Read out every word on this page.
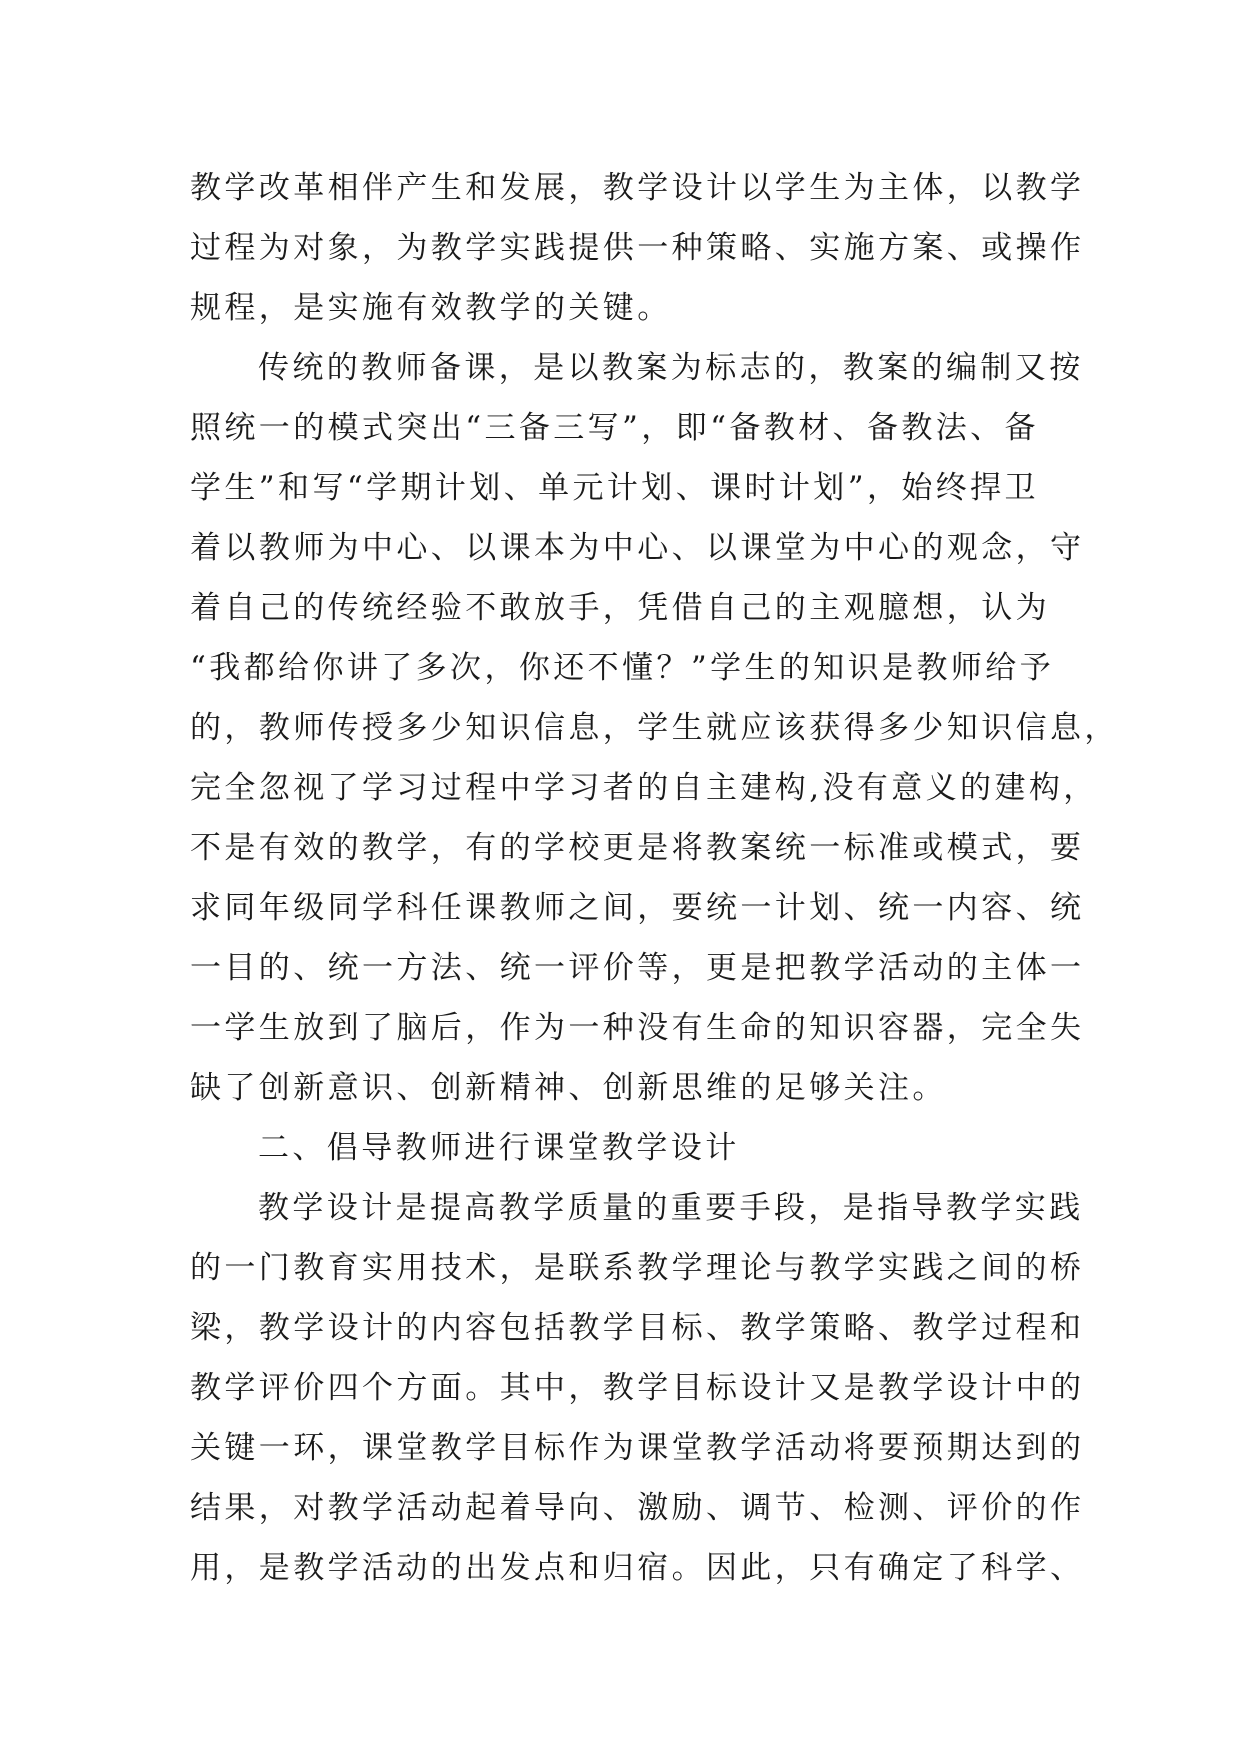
教学改革相伴产生和发展，教学设计以学生为主体，以教学
过程为对象，为教学实践提供一种策略、实施方案、或操作
规程，是实施有效教学的关键。
传统的教师备课，是以教案为标志的，教案的编制又按
照统一的模式突出“三备三写”，即“备教材、备教法、备
学生”和写“学期计划、单元计划、课时计划”，始终捍卫
着以教师为中心、以课本为中心、以课堂为中心的观念，守
着自己的传统经验不敢放手，凭借自己的主观臆想，认为
“我都给你讲了多次，你还不懂？”学生的知识是教师给予
的，教师传授多少知识信息，学生就应该获得多少知识信息，
完全忽视了学习过程中学习者的自主建构,没有意义的建构，
不是有效的教学，有的学校更是将教案统一标准或模式，要
求同年级同学科任课教师之间，要统一计划、统一内容、统
一目的、统一方法、统一评价等，更是把教学活动的主体一
一学生放到了脑后，作为一种没有生命的知识容器，完全失
缺了创新意识、创新精神、创新思维的足够关注。
二、倡导教师进行课堂教学设计
教学设计是提高教学质量的重要手段，是指导教学实践
的一门教育实用技术，是联系教学理论与教学实践之间的桥
梁，教学设计的内容包括教学目标、教学策略、教学过程和
教学评价四个方面。其中，教学目标设计又是教学设计中的
关键一环，课堂教学目标作为课堂教学活动将要预期达到的
结果，对教学活动起着导向、激励、调节、检测、评价的作
用，是教学活动的出发点和归宿。因此，只有确定了科学、
